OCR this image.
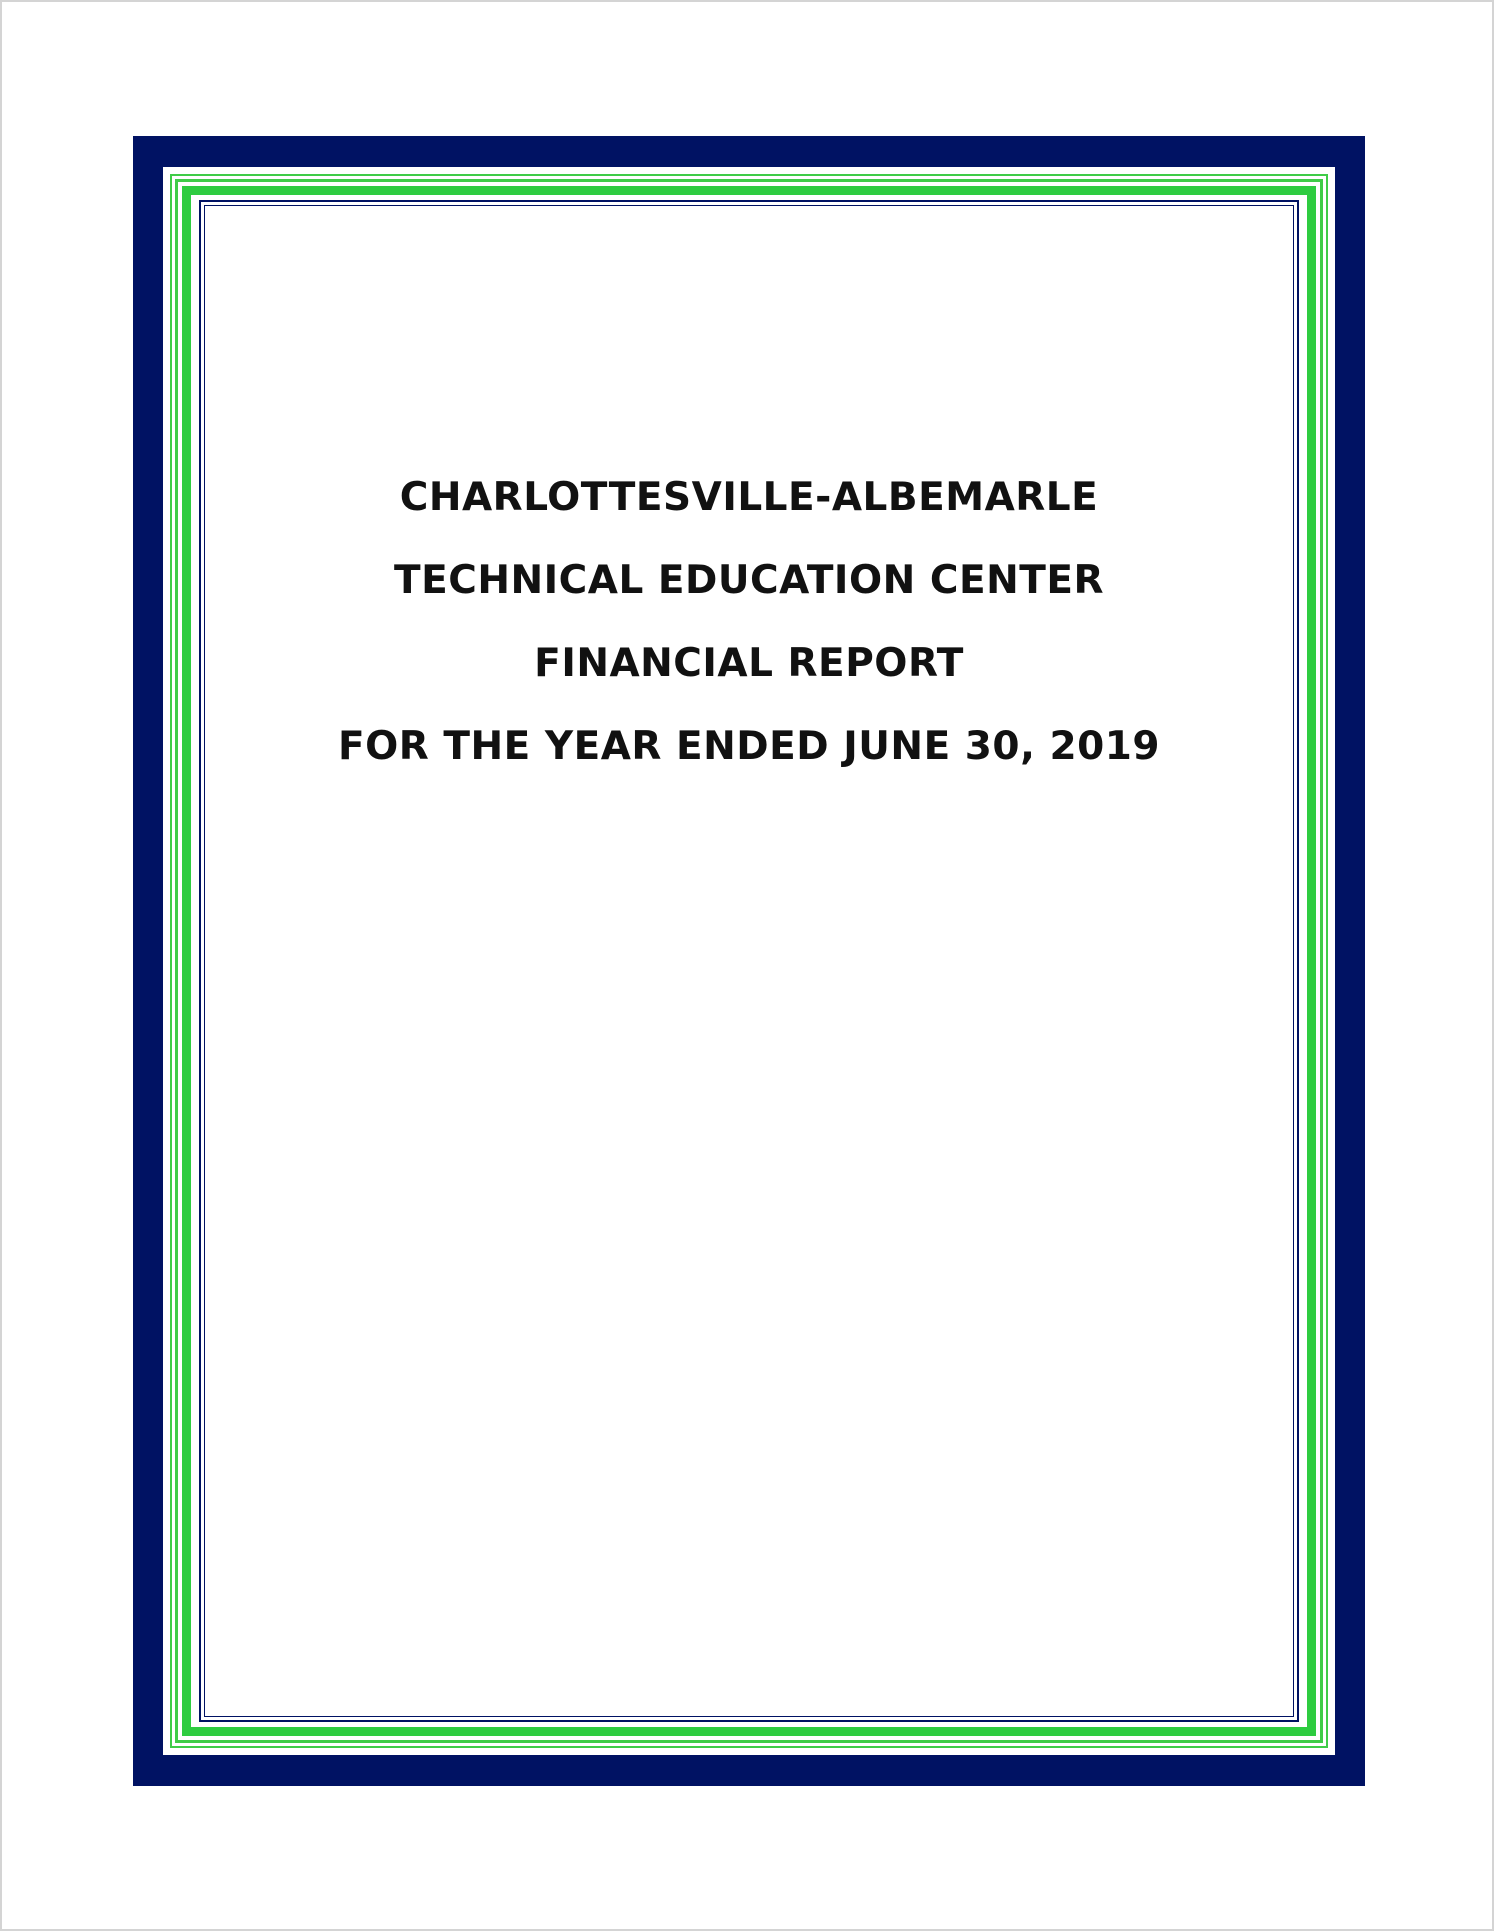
CHARLOTTESVILLE-ALBEMARLE
TECHNICAL EDUCATION CENTER
FINANCIAL REPORT
FOR THE YEAR ENDED JUNE 30, 2019
